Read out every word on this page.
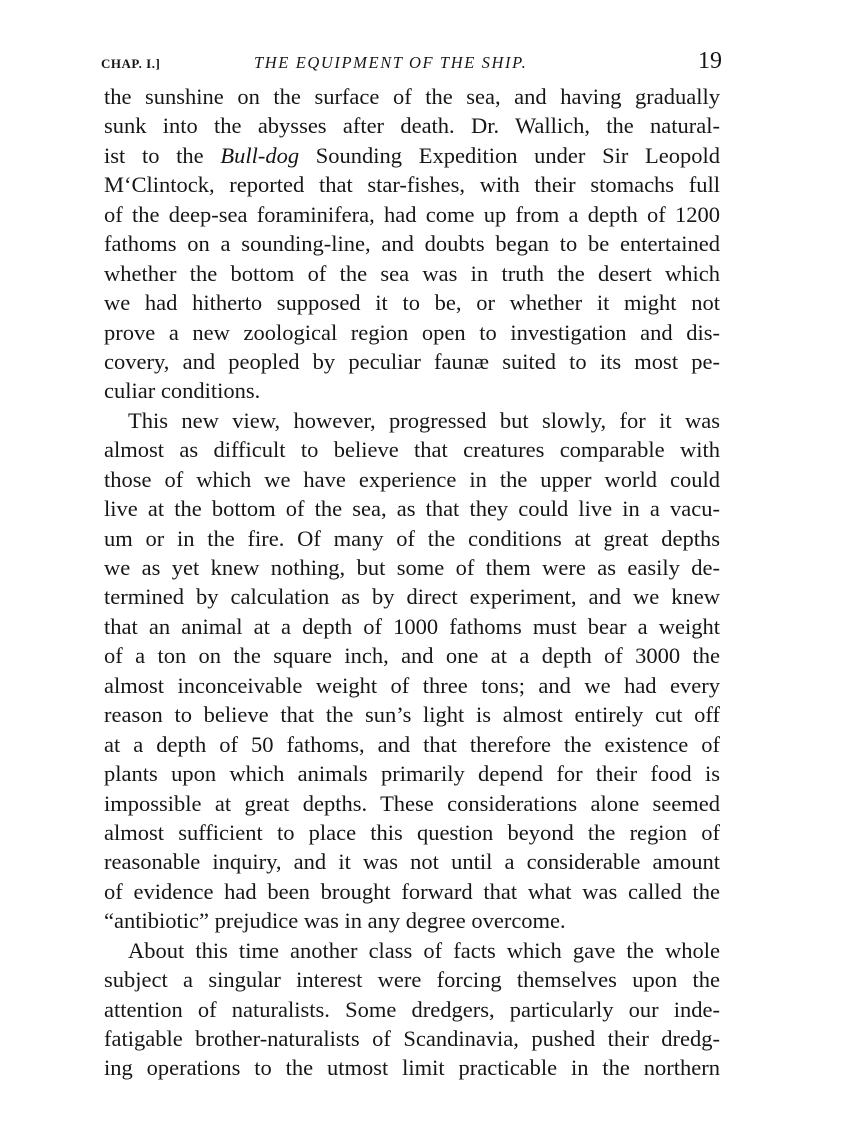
CHAP. I.]	THE EQUIPMENT OF THE SHIP.	19
the sunshine on the surface of the sea, and having gradually
sunk into the abysses after death. Dr. Wallich, the natural-
ist to the Bull-dog Sounding Expedition under Sir Leopold
M‘Clintock, reported that star-fishes, with their stomachs full
of the deep-sea foraminifera, had come up from a depth of 1200
fathoms on a sounding-line, and doubts began to be entertained
whether the bottom of the sea was in truth the desert which
we had hitherto supposed it to be, or whether it might not
prove a new zoological region open to investigation and dis-
covery, and peopled by peculiar faunæ suited to its most pe-
culiar conditions.
This new view, however, progressed but slowly, for it was
almost as difficult to believe that creatures comparable with
those of which we have experience in the upper world could
live at the bottom of the sea, as that they could live in a vacu-
um or in the fire. Of many of the conditions at great depths
we as yet knew nothing, but some of them were as easily de-
termined by calculation as by direct experiment, and we knew
that an animal at a depth of 1000 fathoms must bear a weight
of a ton on the square inch, and one at a depth of 3000 the
almost inconceivable weight of three tons; and we had every
reason to believe that the sun’s light is almost entirely cut off
at a depth of 50 fathoms, and that therefore the existence of
plants upon which animals primarily depend for their food is
impossible at great depths. These considerations alone seemed
almost sufficient to place this question beyond the region of
reasonable inquiry, and it was not until a considerable amount
of evidence had been brought forward that what was called the
“antibiotic” prejudice was in any degree overcome.
About this time another class of facts which gave the whole
subject a singular interest were forcing themselves upon the
attention of naturalists. Some dredgers, particularly our inde-
fatigable brother-naturalists of Scandinavia, pushed their dredg-
ing operations to the utmost limit practicable in the northern
